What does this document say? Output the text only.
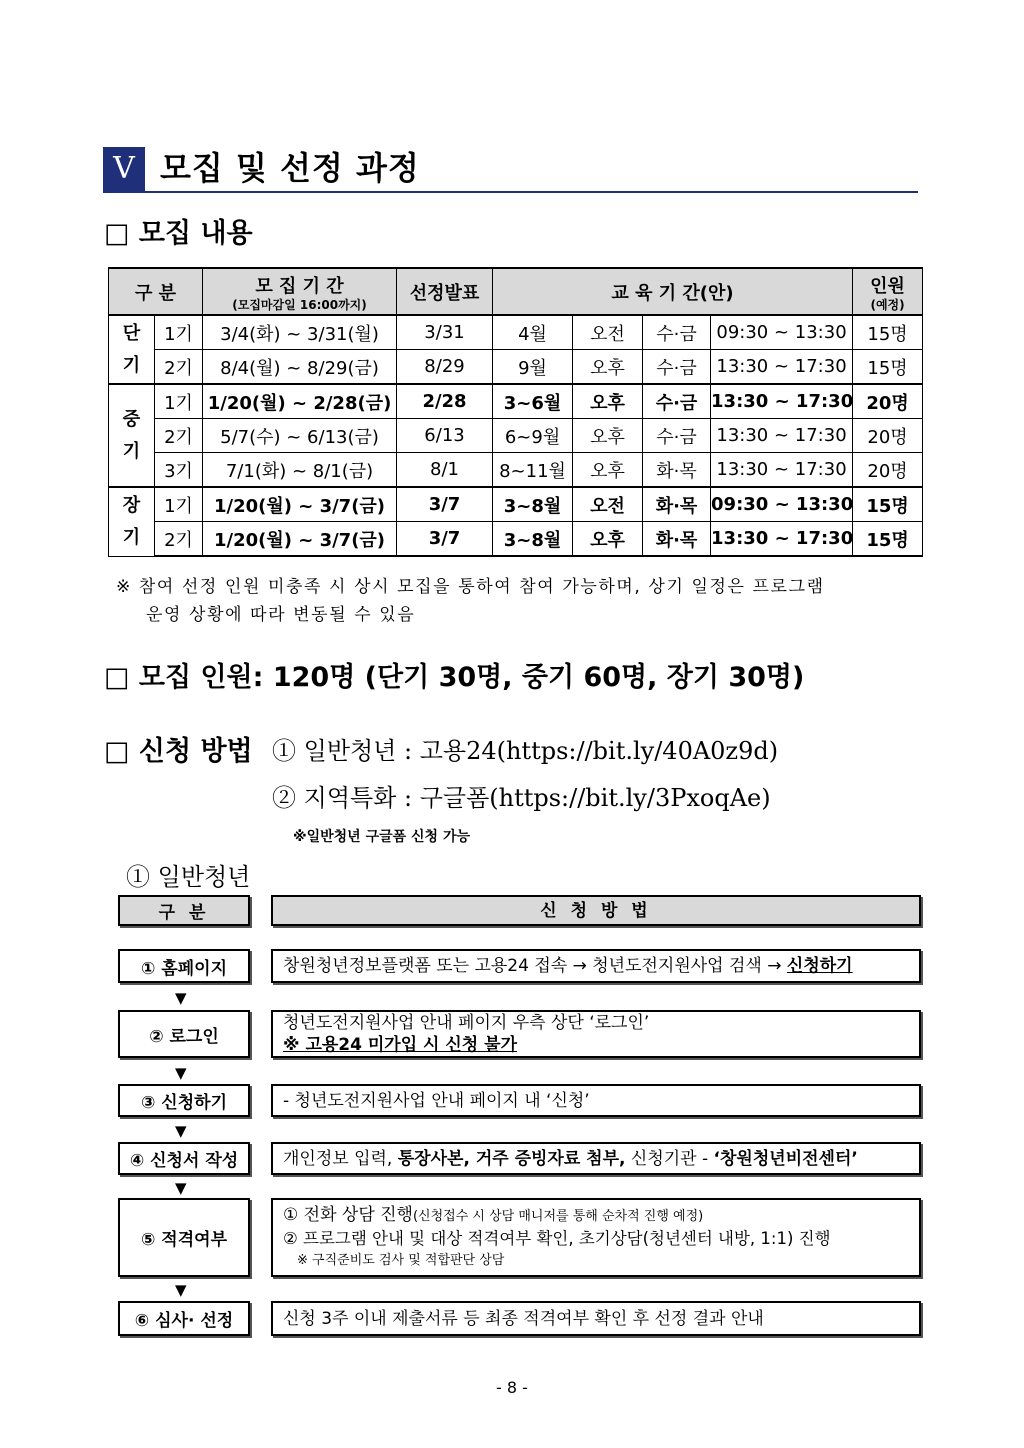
V 모집 및 선정 과정
□ 모집 내용
구 분		모 집 기 간
(모집마감일 16:00까지)	선정발표	교 육 기 간(안)				인원
(예정)

단
기	1기	3/4(화) ~ 3/31(월)	3/31	4월	오전	수·금	09:30 ~ 13:30	15명
	2기	8/4(월) ~ 8/29(금)	8/29	9월	오후	수·금	13:30 ~ 17:30	15명
중
기	1기	1/20(월) ~ 2/28(금)	2/28	3~6월	오후	수·금	13:30 ~ 17:30	20명
	2기	5/7(수) ~ 6/13(금)	6/13	6~9월	오후	수·금	13:30 ~ 17:30	20명
	3기	7/1(화) ~ 8/1(금)	8/1	8~11월	오후	화·목	13:30 ~ 17:30	20명
장
기	1기	1/20(월) ~ 3/7(금)	3/7	3~8월	오전	화·목	09:30 ~ 13:30	15명
	2기	1/20(월) ~ 3/7(금)	3/7	3~8월	오후	화·목	13:30 ~ 17:30	15명
※ 참여 선정 인원 미충족 시 상시 모집을 통하여 참여 가능하며, 상기 일정은 프로그램
운영 상황에 따라 변동될 수 있음
□ 모집 인원: 120명 (단기 30명, 중기 60명, 장기 30명)
□ 신청 방법 ① 일반청년 : 고용24(https://bit.ly/40A0z9d)
② 지역특화 : 구글폼(https://bit.ly/3PxoqAe)
※일반청년 구글폼 신청 가능
① 일반청년
구 분	신 청 방 법
① 홈페이지	창원청년정보플랫폼 또는 고용24 접속 → 청년도전지원사업 검색 → 신청하기
▼
② 로그인
청년도전지원사업 안내 페이지 우측 상단 ‘로그인’
※ 고용24 미가입 시 신청 불가
▼
③ 신청하기	- 청년도전지원사업 안내 페이지 내 ‘신청’
▼
④ 신청서 작성	개인정보 입력, 통장사본, 거주 증빙자료 첨부, 신청기관 - ‘창원청년비전센터’
▼
⑤ 적격여부
① 전화 상담 진행(신청접수 시 상담 매니저를 통해 순차적 진행 예정)
② 프로그램 안내 및 대상 적격여부 확인, 초기상담(청년센터 내방, 1:1) 진행
※ 구직준비도 검사 및 적합판단 상담
▼
⑥ 심사· 선정	신청 3주 이내 제출서류 등 최종 적격여부 확인 후 선정 결과 안내
- 8 -
